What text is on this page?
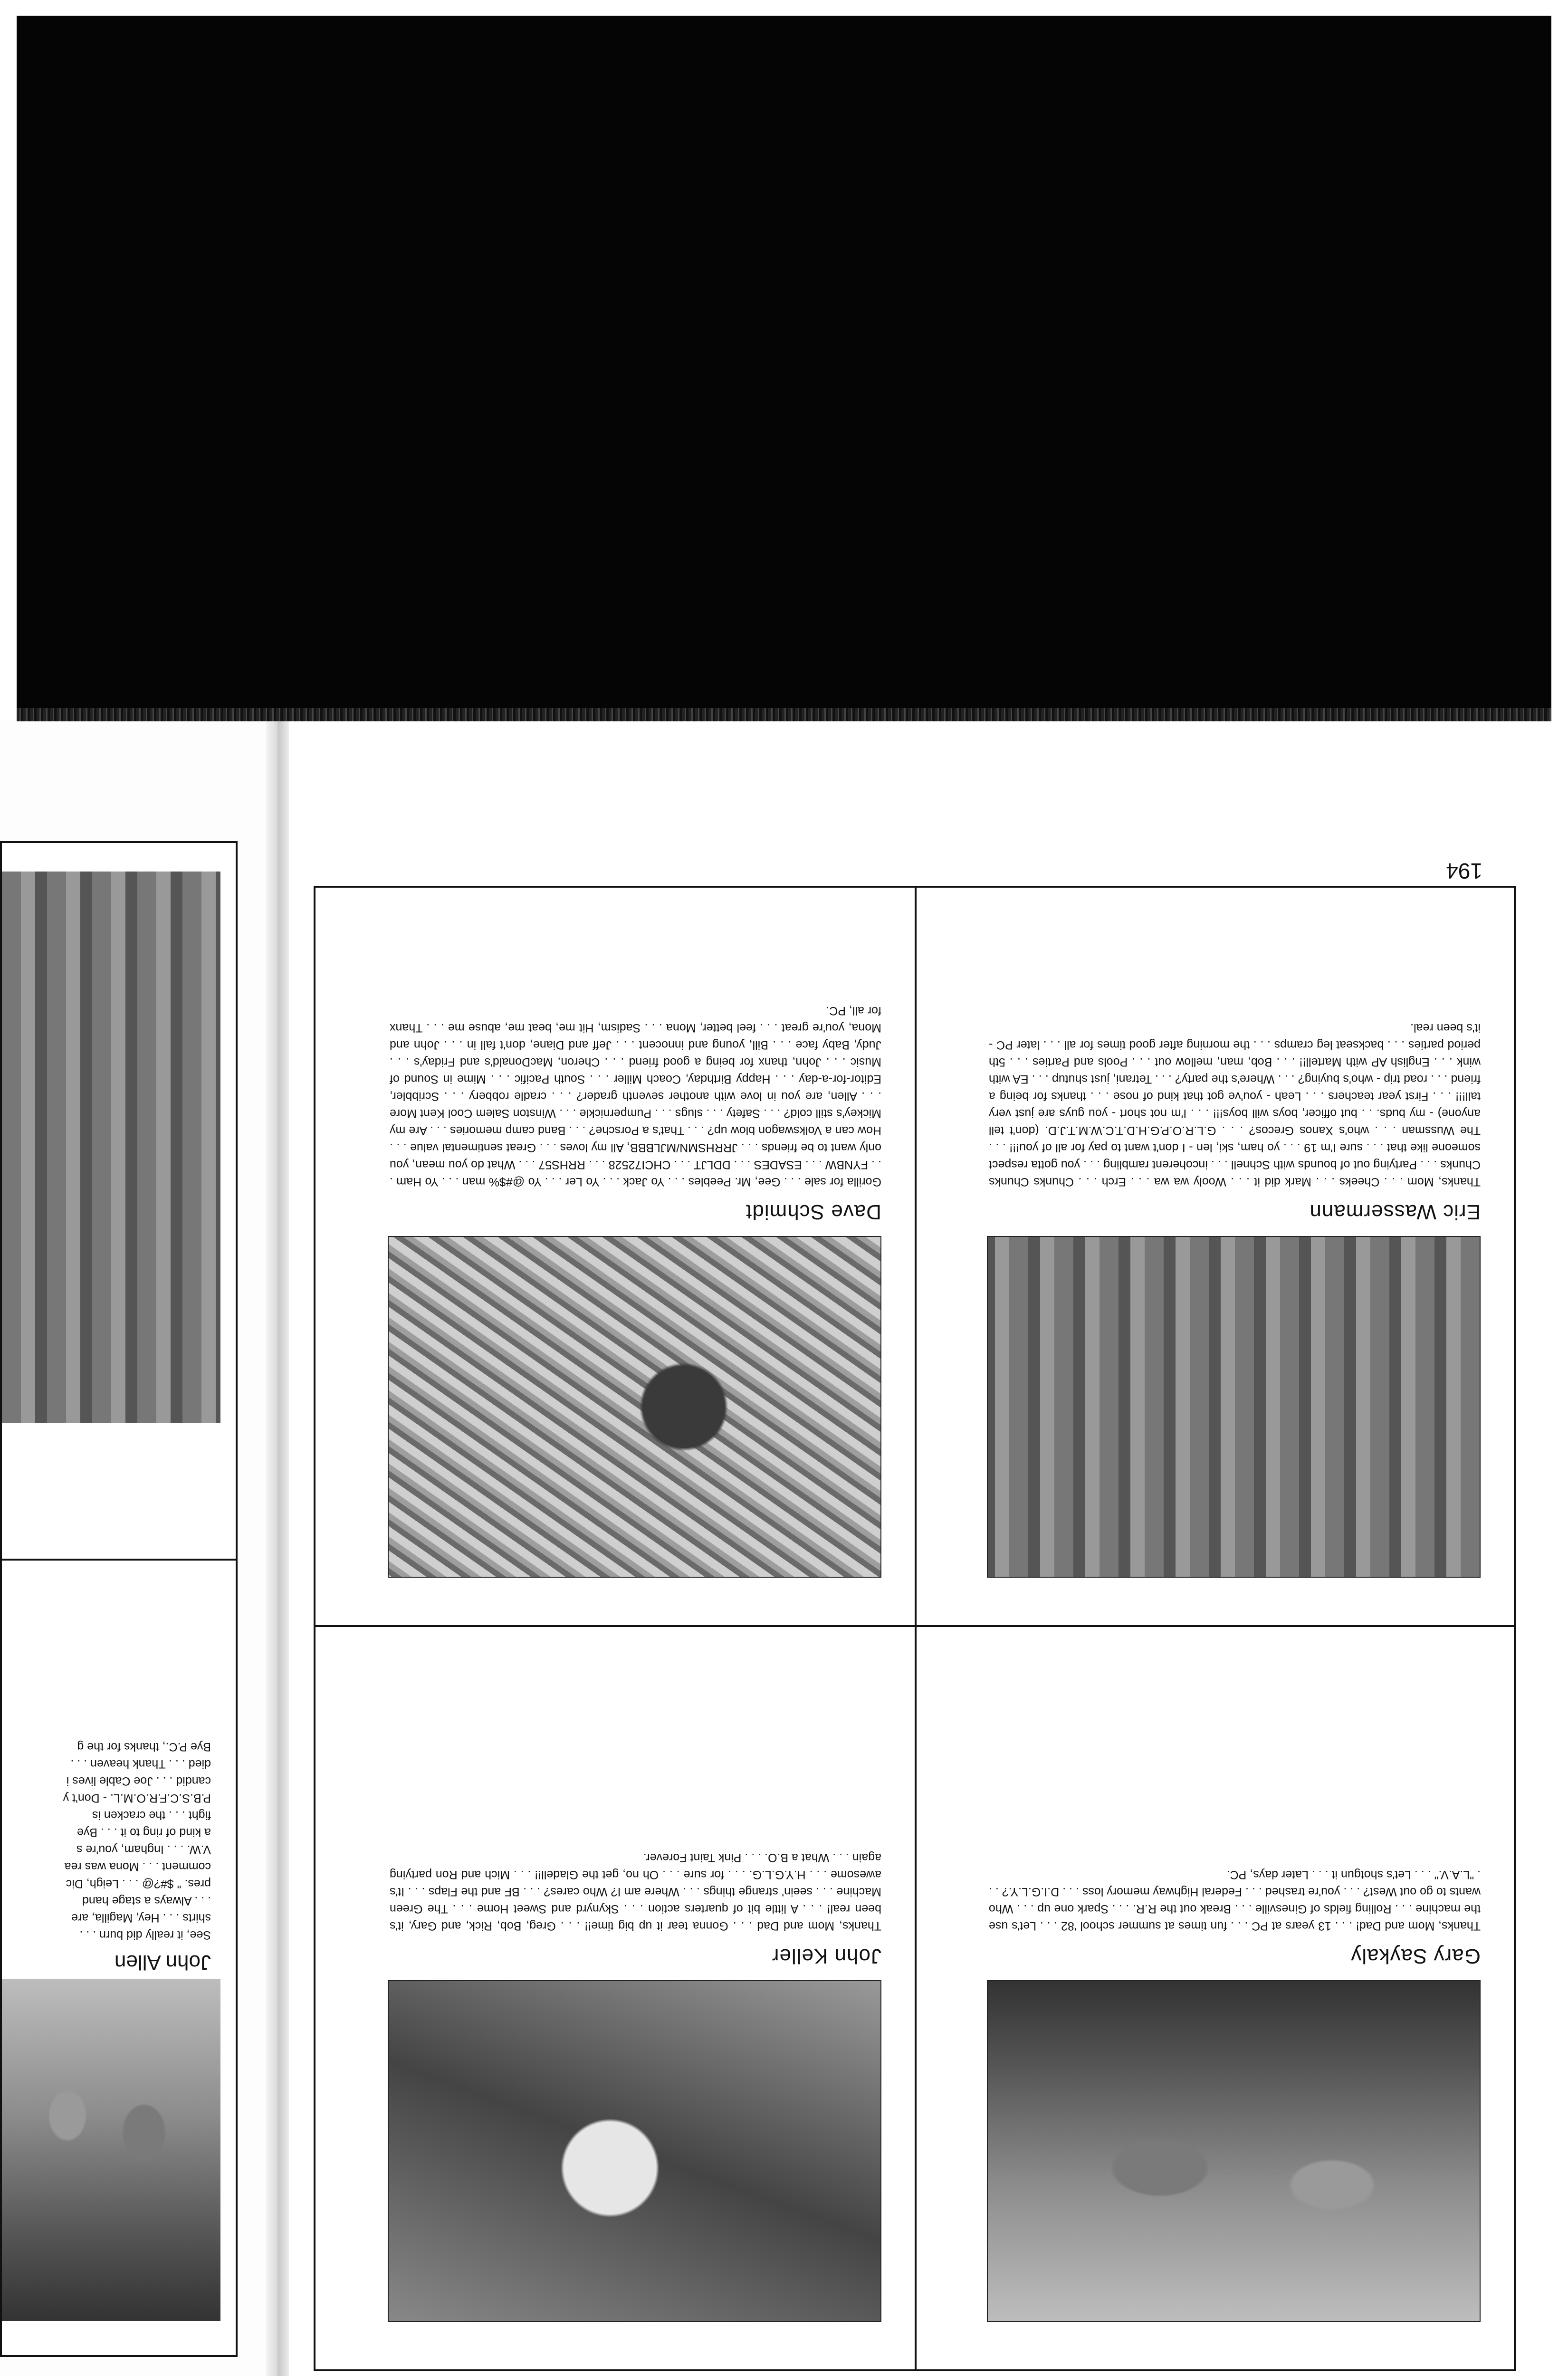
John Allen
See, it really did burn . . .
shirts . . . Hey, Magilla, are
. . . Always a stage hand
pres. " $#?@ . . . Leigh, Dic
comment . . . Mona was rea
V.W. . . . Ingham, you're s
a kind of ring to it . . . Bye
fight . . . the cracken is
P.B.S.C.F.R.O.M.L. - Don't y
candid . . . Joe Cable lives i
died . . . Thank heaven . . .
Bye P.C., thanks for the g
Gary Saykaly
Thanks, Mom and Dad! . . . 13 years at PC . . . fun times at summer school '82 . . . Let's use the machine . . . Rolling fields of Ginesville . . . Break out the R.R. . . . Spark one up . . . Who wants to go out West? . . . you're trashed . . . Federal Highway memory loss . . . D.I.G.L.Y.? . . . "L.A.V." . . . Let's shotgun it . . . Later days, PC.
Eric Wassermann
Thanks, Mom . . . Cheeks . . . Mark did it . . . Wooly wa wa . . . Erch . . . Chunks Chunks Chunks . . . Partying out of bounds with Schnell . . . incoherent rambling . . . you gotta respect someone like that . . . sure I'm 19 . . . yo ham, ski, len - I don't want to pay for all of you!!! . . . The Wussman . . . who's Xanos Grecos? . . . G.L.R.O.P.G.H.D.T.C.W.M.T.J.D. (don't tell anyone) - my buds. . . but officer, boys will boys!!! . . . I'm not short - you guys are just very tall!!! . . . First year teachers . . . Leah - you've got that kind of nose . . . thanks for being a friend . . . road trip - who's buying? . . . Where's the party? . . . Tetrani, just shutup . . . EA with wink . . . English AP with Martell!! . . . Bob, man, mellow out . . . Pools and Parties . . . 5th period parties . . . backseat leg cramps . . . the morning after good times for all . . . later PC - it's been real.
John Keller
Thanks, Mom and Dad . . . Gonna tear it up big time!! . . . Greg, Bob, Rick, and Gary, it's been real! . . . A little bit of quarters action . . . Skynyrd and Sweet Home . . . The Green Machine . . . seein' strange things . . . Where am I? Who cares? . . . BF and the Flaps . . . It's awesome . . . H.Y.G.L.G. . . . for sure . . . Oh no, get the Gladell!! . . . Mich and Ron partying again . . . What a B.O. . . . Pink Taint Forever.
Dave Schmidt
Gorilla for sale . . . Gee, Mr. Peebles . . . Yo Jack . . . Yo Ler . . . Yo @#$% man . . . Yo Ham . . . FYNBW . . . ESADES . . . DDLJT . . . CHCI72528 . . . RRHS57 . . . What do you mean, you only want to be friends . . . JRRHSMN/MJLBBB, All my loves . . . Great sentimental value . . . How can a Volkswagon blow up? . . . That's a Porsche? . . . Band camp memories . . . Are my Mickey's still cold? . . . Safety . . . slugs . . . Pumpernickle . . . Winston Salem Cool Kent More . . . Allen, are you in love with another seventh grader? . . . cradle robbery . . . Scribbler, Editor-for-a-day . . . Happy Birthday, Coach Miller . . . South Pacific . . . Mime in Sound of Music . . . John, thanx for being a good friend . . . Cheron, MacDonald's and Friday's . . . Judy, Baby face . . . Bill, young and innocent . . . Jeff and Diane, don't fall in . . . John and Mona, you're great . . . feel better, Mona . . . Sadism, Hit me, beat me, abuse me . . . Thanx for all, PC.
194
